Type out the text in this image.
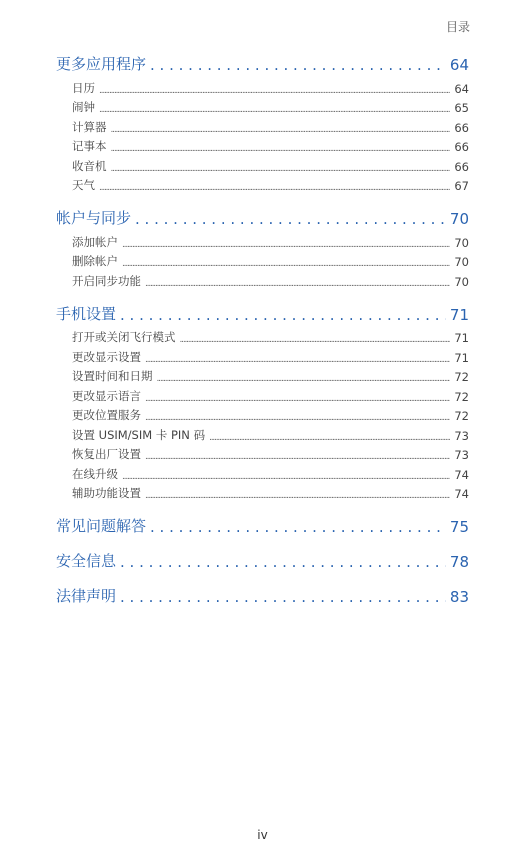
目录
更多应用程序 . . .	64
日历 .....	64
闹钟 .....	65
计算器 .....	66
记事本 .....	66
收音机 .....	66
天气 .....	67
帐户与同步 . . .	70
添加帐户 .....	70
删除帐户 .....	70
开启同步功能 .....	70
手机设置 . . .	71
打开或关闭飞行模式 .....	71
更改显示设置 .....	71
设置时间和日期 .....	72
更改显示语言 .....	72
更改位置服务 .....	72
设置 USIM/SIM 卡 PIN 码 .....	73
恢复出厂设置 .....	73
在线升级 .....	74
辅助功能设置 .....	74
常见问题解答 . . .	75
安全信息 . . .	78
法律声明 . . .	83
iv
